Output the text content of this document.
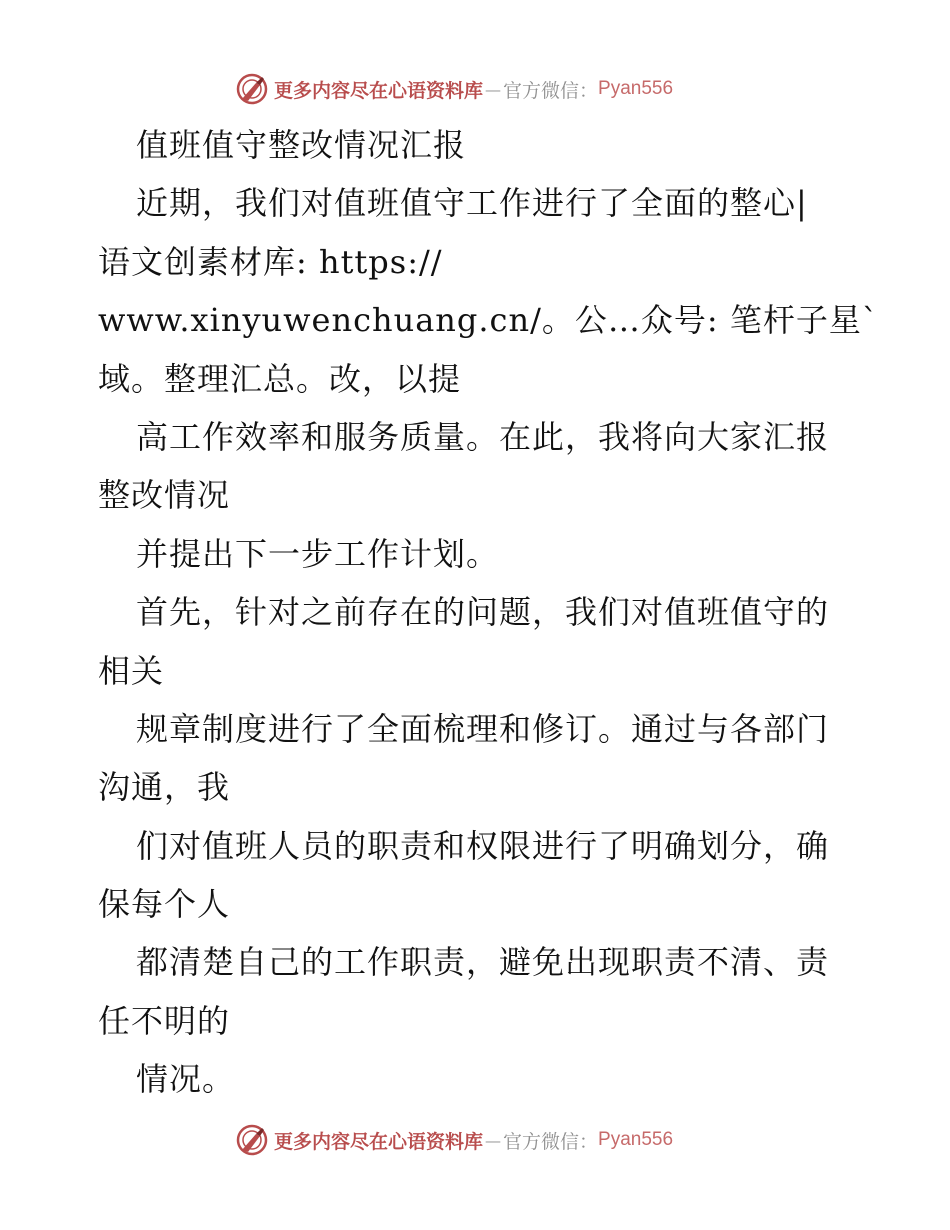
更多内容尽在心语资料库 — 官方微信： Pyan556
值班值守整改情况汇报
近期，我们对值班值守工作进行了全面的整心|
语文创素材库: https://
www.xinyuwenchuang.cn/。公…众号: 笔杆子星`
域。整理汇总。改，以提
高工作效率和服务质量。在此，我将向大家汇报
整改情况
并提出下一步工作计划。
首先，针对之前存在的问题，我们对值班值守的
相关
规章制度进行了全面梳理和修订。通过与各部门
沟通，我
们对值班人员的职责和权限进行了明确划分，确
保每个人
都清楚自己的工作职责，避免出现职责不清、责
任不明的
情况。
更多内容尽在心语资料库 — 官方微信： Pyan556
